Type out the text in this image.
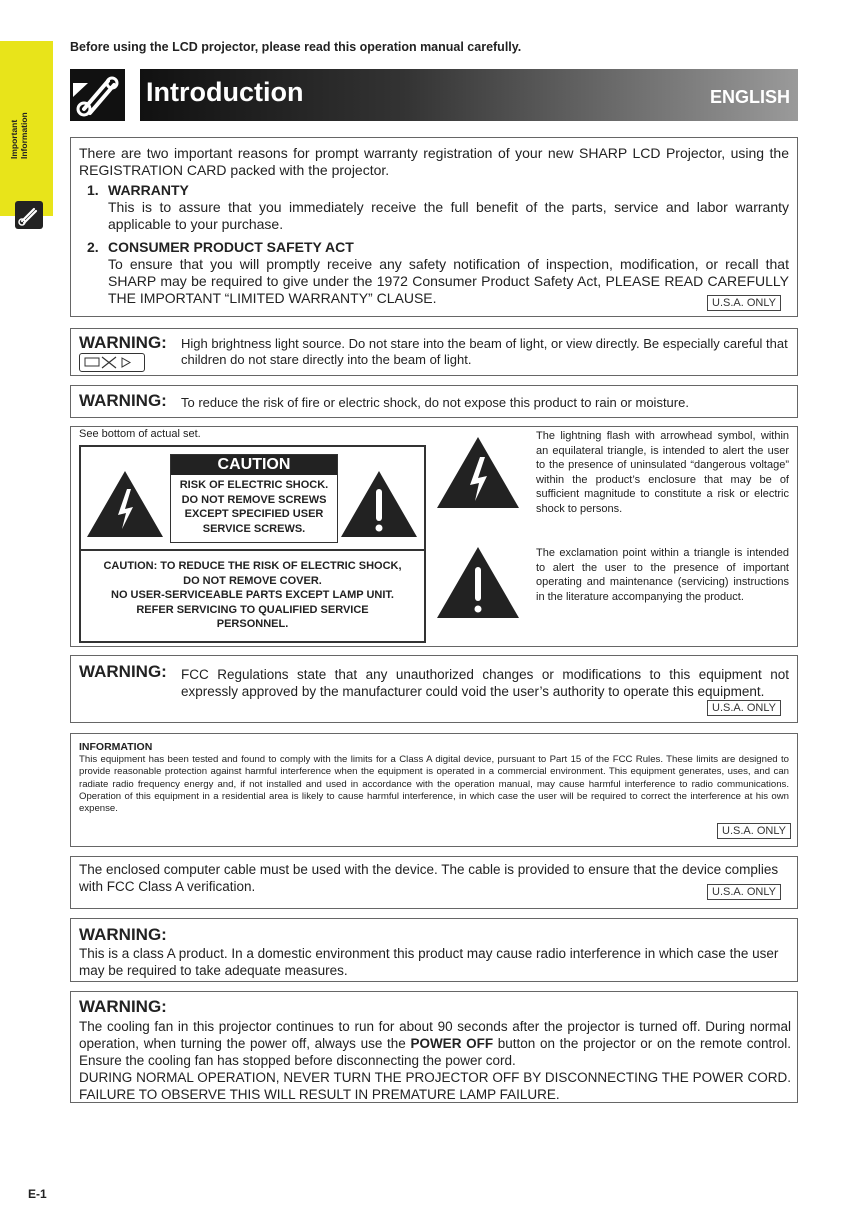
Important Information
Before using the LCD projector, please read this operation manual carefully.
Introduction	ENGLISH

There are two important reasons for prompt warranty registration of your new SHARP LCD Projector, using the REGISTRATION CARD packed with the projector.

1. WARRANTY

This is to assure that you immediately receive the full benefit of the parts, service and labor warranty applicable to your purchase.

2. CONSUMER PRODUCT SAFETY ACT

To ensure that you will promptly receive any safety notification of inspection, modification, or recall that SHARP may be required to give under the 1972 Consumer Product Safety Act, PLEASE READ CAREFULLY THE IMPORTANT “LIMITED WARRANTY” CLAUSE.	U.S.A. ONLY
WARNING: High brightness light source. Do not stare into the beam of light, or view directly. Be especially careful that children do not stare directly into the beam of light.

WARNING: To reduce the risk of fire or electric shock, do not expose this product to rain or moisture.

See bottom of actual set.
CAUTION
RISK OF ELECTRIC SHOCK.
DO NOT REMOVE SCREWS
EXCEPT SPECIFIED USER
SERVICE SCREWS.
CAUTION: TO REDUCE THE RISK OF ELECTRIC SHOCK,
DO NOT REMOVE COVER.
NO USER-SERVICEABLE PARTS EXCEPT LAMP UNIT.
REFER SERVICING TO QUALIFIED SERVICE
PERSONNEL.

The lightning flash with arrowhead symbol, within an equilateral triangle, is intended to alert the user to the presence of uninsulated “dangerous voltage” within the product’s enclosure that may be of sufficient magnitude to constitute a risk or electric shock to persons.

The exclamation point within a triangle is intended to alert the user to the presence of important operating and maintenance (servicing) instructions in the literature accompanying the product.

WARNING: FCC Regulations state that any unauthorized changes or modifications to this equipment not expressly approved by the manufacturer could void the user’s authority to operate this equipment.

U.S.A. ONLY
INFORMATION

This equipment has been tested and found to comply with the limits for a Class A digital device, pursuant to Part 15 of the FCC Rules. These limits are designed to provide reasonable protection against harmful interference when the equipment is operated in a commercial environment. This equipment generates, uses, and can radiate radio frequency energy and, if not installed and used in accordance with the operation manual, may cause harmful interference to radio communications. Operation of this equipment in a residential area is likely to cause harmful interference, in which case the user will be required to correct the interference at his own expense.

U.S.A. ONLY

The enclosed computer cable must be used with the device. The cable is provided to ensure that the device complies with FCC Class A verification.	U.S.A. ONLY
WARNING:

This is a class A product. In a domestic environment this product may cause radio interference in which case the user may be required to take adequate measures.

WARNING:

The cooling fan in this projector continues to run for about 90 seconds after the projector is turned off. During normal operation, when turning the power off, always use the POWER OFF button on the projector or on the remote control. Ensure the cooling fan has stopped before disconnecting the power cord.

DURING NORMAL OPERATION, NEVER TURN THE PROJECTOR OFF BY DISCONNECTING THE POWER CORD. FAILURE TO OBSERVE THIS WILL RESULT IN PREMATURE LAMP FAILURE.

E-1
